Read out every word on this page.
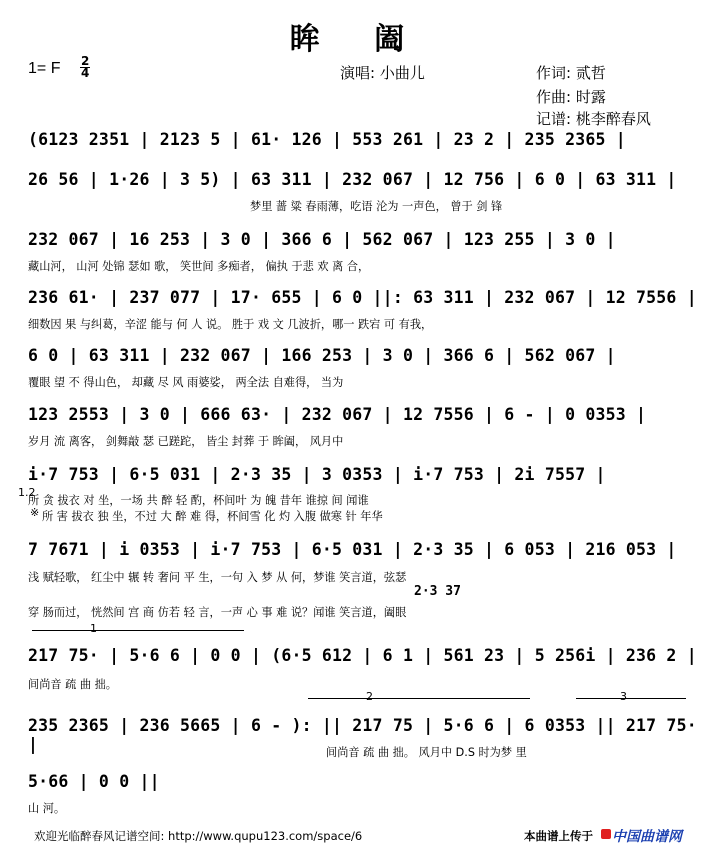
眸 阖
1= F $\frac{2}{4}$	演唱: 小曲儿	作词: 贰哲
作曲: 时露
记谱: 桃李醉春风
(6123 2351 | 2123 5 | 61· 126 | 553 261 | 23 2 | 235 2365 |
26 56 | 1·26 | 3 5) | 63 311 | 232 067 | 12 756 | 6 0 | 63 311 |
梦里 蔷 粱 春雨薄，吃语 沦为 一声色， 曾于 剑 锋
232 067 | 16 253 | 3 0 | 366 6 | 562 067 | 123 255 | 3 0 |
藏山河， 山河 处锦 瑟如 歌， 笑世间 多痴者， 偏执 于悲 欢 离 合，
236 61· | 237 077 | 17· 655 | 6 0 ||: 63 311 | 232 067 | 12 7556 |
细数因 果 与纠葛，辛涩 能与 何 人 说。 胜于 戏 文 几波折，哪一 跌宕 可 有我，
6 0 | 63 311 | 232 067 | 166 253 | 3 0 | 366 6 | 562 067 |
覆眼 望 不 得山色， 却藏 尽 风 雨婆娑， 两全法 自难得， 当为
123 2553 | 3 0 | 666 63· | 232 067 | 12 7556 | 6 - | 0 0353 |
岁月 流 离客， 剑舞敲 瑟 已蹉跎， 皆尘 封葬 于 眸阖， 风月中
i·7 753 | 6·5 031 | 2·3 35 | 3 0353 | i·7 753 | 2i 7557 |
1.2
所 贪 拔衣 对 坐，一场 共 醉 轻 酌，杯间叶 为 魄 昔年 谁掠 间 闻谁
※ 所 害 拔衣 独 坐，不过 大 醉 难 得，杯间雪 化 灼 入腹 做寒 针 年华
7 7671 | i 0353 | i·7 753 | 6·5 031 | 2·3 35 | 6 053 | 216 053 |
浅 赋轻歌， 红尘中 辗 转 奢问 平 生，一句 入 梦 从 何，梦谁 笑言道，弦瑟
2·3 37
穿 肠而过， 恍然间 宫 商 仿若 轻 言，一声 心 事 难 说？闻谁 笑言道，阖眼
1
217 75· | 5·6 6 | 0 0 | (6·5 612 | 6 1 | 561 23 | 5 256i | 236 2 |
间尚音 疏 曲 拙。
2	3
235 2365 | 236 5665 | 6 - ): || 217 75 | 5·6 6 | 6 0353 || 217 75· |	间尚音 疏 曲 拙。 风月中 D.S 时为梦 里
5·66 | 0 0 ||
山 河。
欢迎光临醉春风记谱空间: http://www.qupu123.com/space/6	本曲谱上传于 中国曲谱网
